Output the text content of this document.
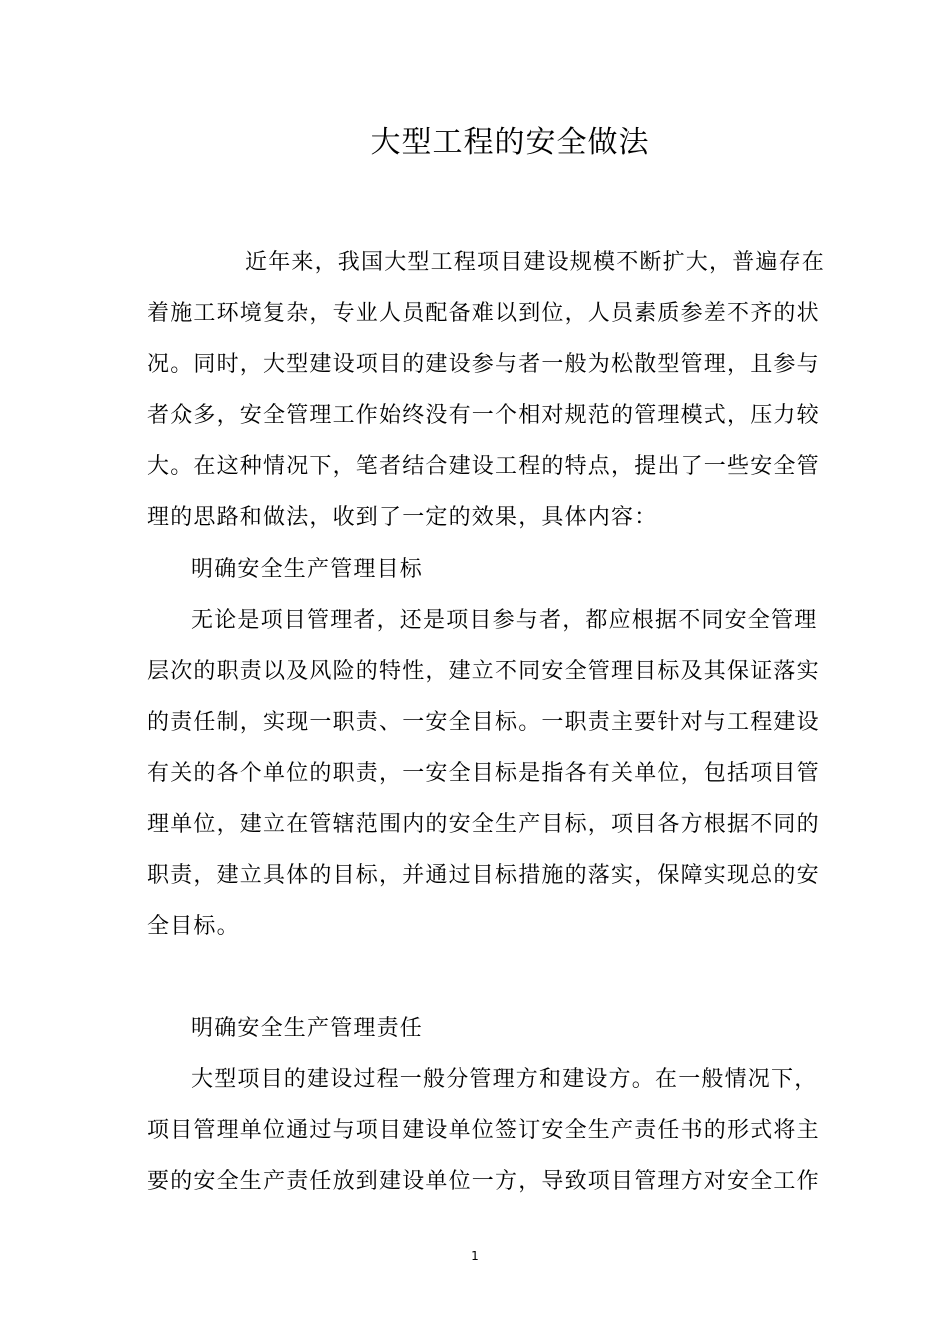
大型工程的安全做法
近年来，我国大型工程项目建设规模不断扩大，普遍存在
着施工环境复杂，专业人员配备难以到位，人员素质参差不齐的状
况。同时，大型建设项目的建设参与者一般为松散型管理，且参与
者众多，安全管理工作始终没有一个相对规范的管理模式，压力较
大。在这种情况下，笔者结合建设工程的特点，提出了一些安全管
理的思路和做法，收到了一定的效果，具体内容：
明确安全生产管理目标
无论是项目管理者，还是项目参与者，都应根据不同安全管理
层次的职责以及风险的特性，建立不同安全管理目标及其保证落实
的责任制，实现一职责、一安全目标。一职责主要针对与工程建设
有关的各个单位的职责，一安全目标是指各有关单位，包括项目管
理单位，建立在管辖范围内的安全生产目标，项目各方根据不同的
职责，建立具体的目标，并通过目标措施的落实，保障实现总的安
全目标。
明确安全生产管理责任
大型项目的建设过程一般分管理方和建设方。在一般情况下，
项目管理单位通过与项目建设单位签订安全生产责任书的形式将主
要的安全生产责任放到建设单位一方，导致项目管理方对安全工作
1
